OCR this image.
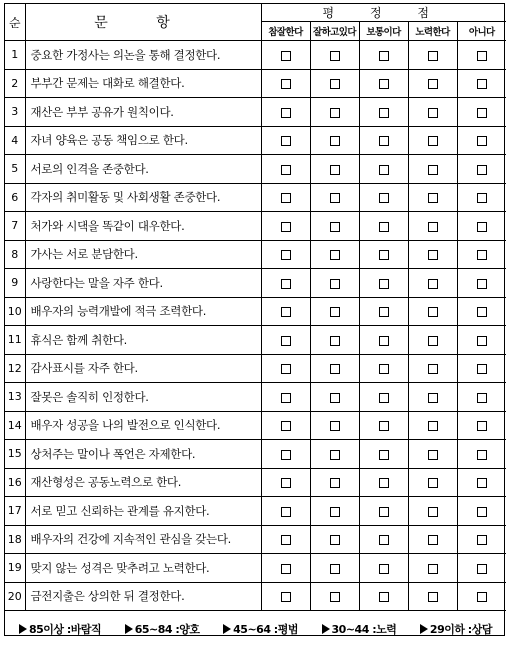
순	문 항	평 정 점				
		참잘한다	잘하고있다	보통이다	노력한다	아니다
1	중요한 가정사는 의논을 통해 결정한다.					
2	부부간 문제는 대화로 해결한다.					
3	재산은 부부 공유가 원칙이다.					
4	자녀 양육은 공동 책임으로 한다.					
5	서로의 인격을 존중한다.					
6	각자의 취미활동 및 사회생활 존중한다.					
7	처가와 시댁을 똑같이 대우한다.					
8	가사는 서로 분담한다.					
9	사랑한다는 말을 자주 한다.					
10	배우자의 능력개발에 적극 조력한다.					
11	휴식은 함께 취한다.					
12	감사표시를 자주 한다.					
13	잘못은 솔직히 인정한다.					
14	배우자 성공을 나의 발전으로 인식한다.					
15	상처주는 말이나 폭언은 자제한다.					
16	재산형성은 공동노력으로 한다.					
17	서로 믿고 신뢰하는 관계를 유지한다.					
18	배우자의 건강에 지속적인 관심을 갖는다.					
19	맞지 않는 성격은 맞추려고 노력한다.					
20	금전지출은 상의한 뒤 결정한다.					

85이상 :바람직 65~84 :양호 45~64 :평범 30~44 :노력 29이하 :상담						
